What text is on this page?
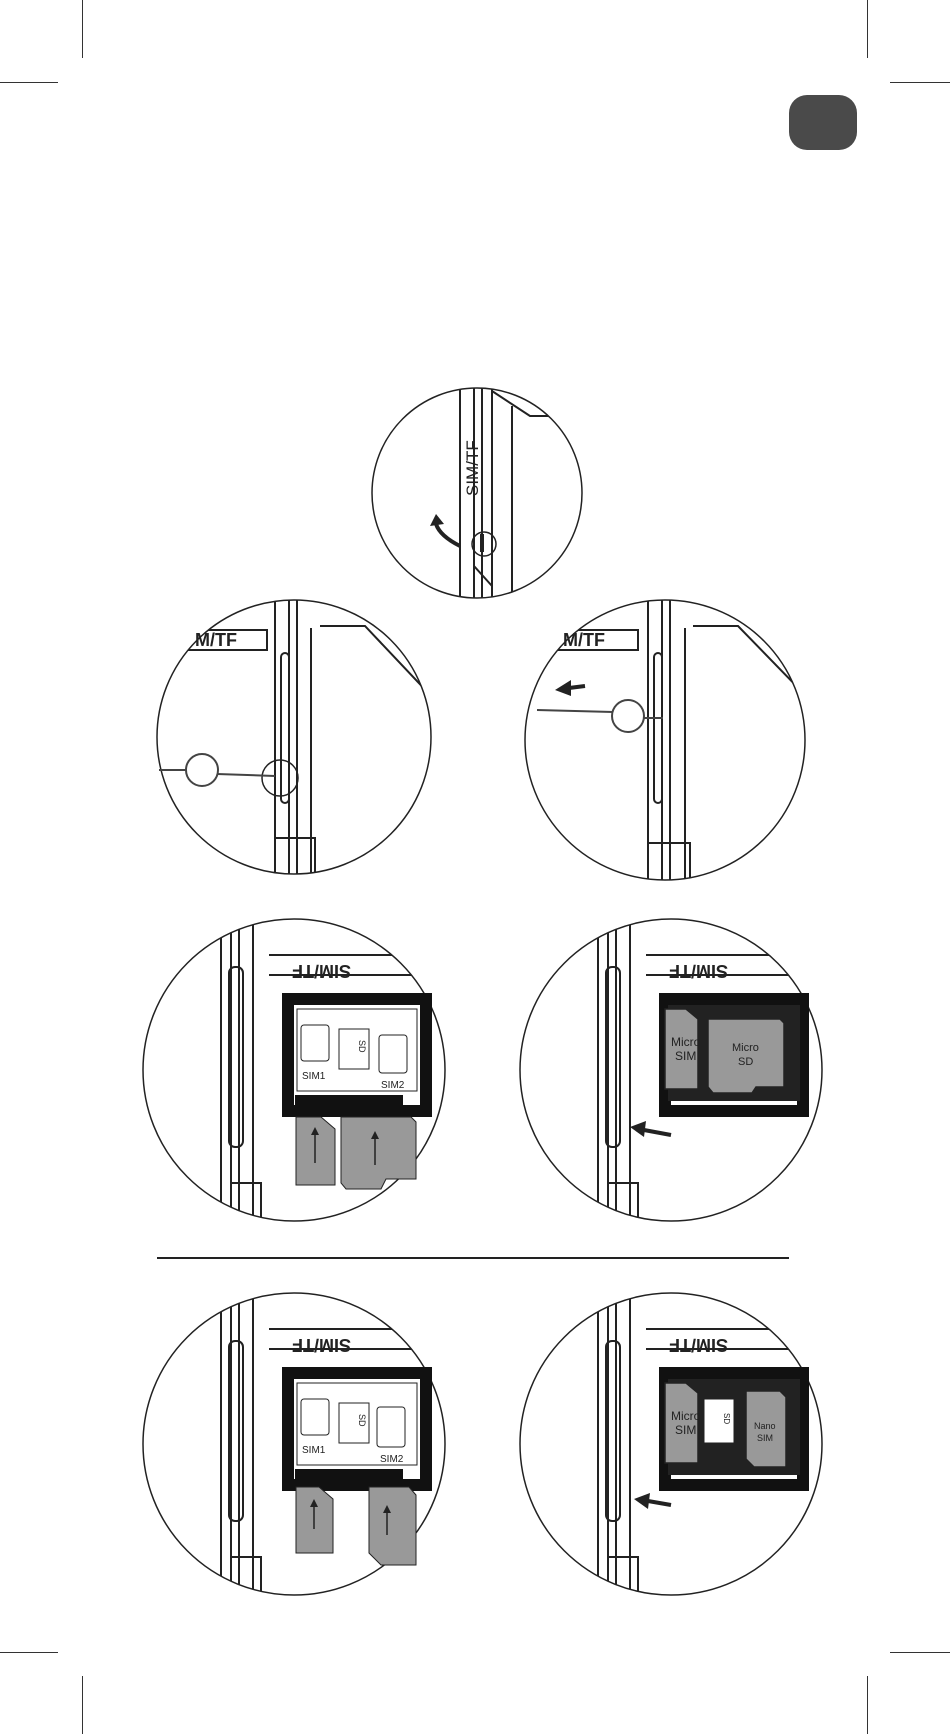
SIM/TF
M/TF	M/TF
SIM/TF
SIM1
SIM2
SD
SIM/TF
Micro
SIM
Micro
SD
SIM/TF
SIM1
SIM2
SD
SIM/TF
Micro
SIM
SD
Nano
SIM
